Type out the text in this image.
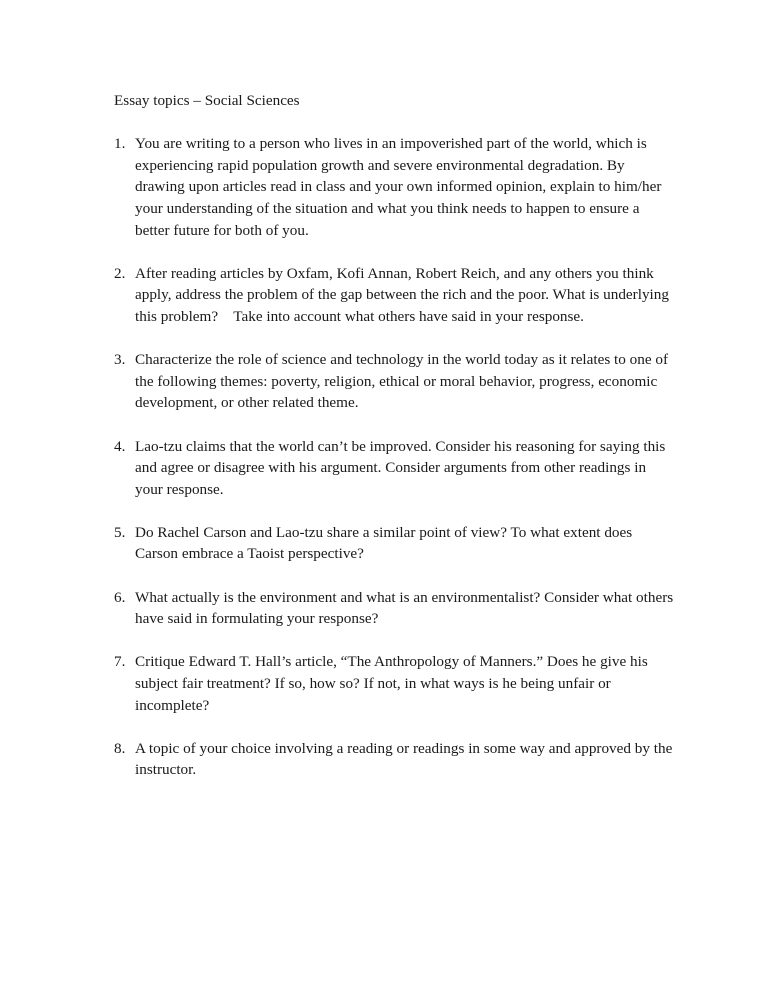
Essay topics – Social Sciences

1. You are writing to a person who lives in an impoverished part of the world, which is experiencing rapid population growth and severe environmental degradation. By drawing upon articles read in class and your own informed opinion, explain to him/her your understanding of the situation and what you think needs to happen to ensure a better future for both of you.
2. After reading articles by Oxfam, Kofi Annan, Robert Reich, and any others you think apply, address the problem of the gap between the rich and the poor. What is underlying this problem? Take into account what others have said in your response.
3. Characterize the role of science and technology in the world today as it relates to one of the following themes: poverty, religion, ethical or moral behavior, progress, economic development, or other related theme.
4. Lao-tzu claims that the world can’t be improved. Consider his reasoning for saying this and agree or disagree with his argument. Consider arguments from other readings in your response.
5. Do Rachel Carson and Lao-tzu share a similar point of view? To what extent does Carson embrace a Taoist perspective?
6. What actually is the environment and what is an environmentalist? Consider what others have said in formulating your response?
7. Critique Edward T. Hall’s article, “The Anthropology of Manners.” Does he give his subject fair treatment? If so, how so? If not, in what ways is he being unfair or incomplete?
8. A topic of your choice involving a reading or readings in some way and approved by the instructor.
